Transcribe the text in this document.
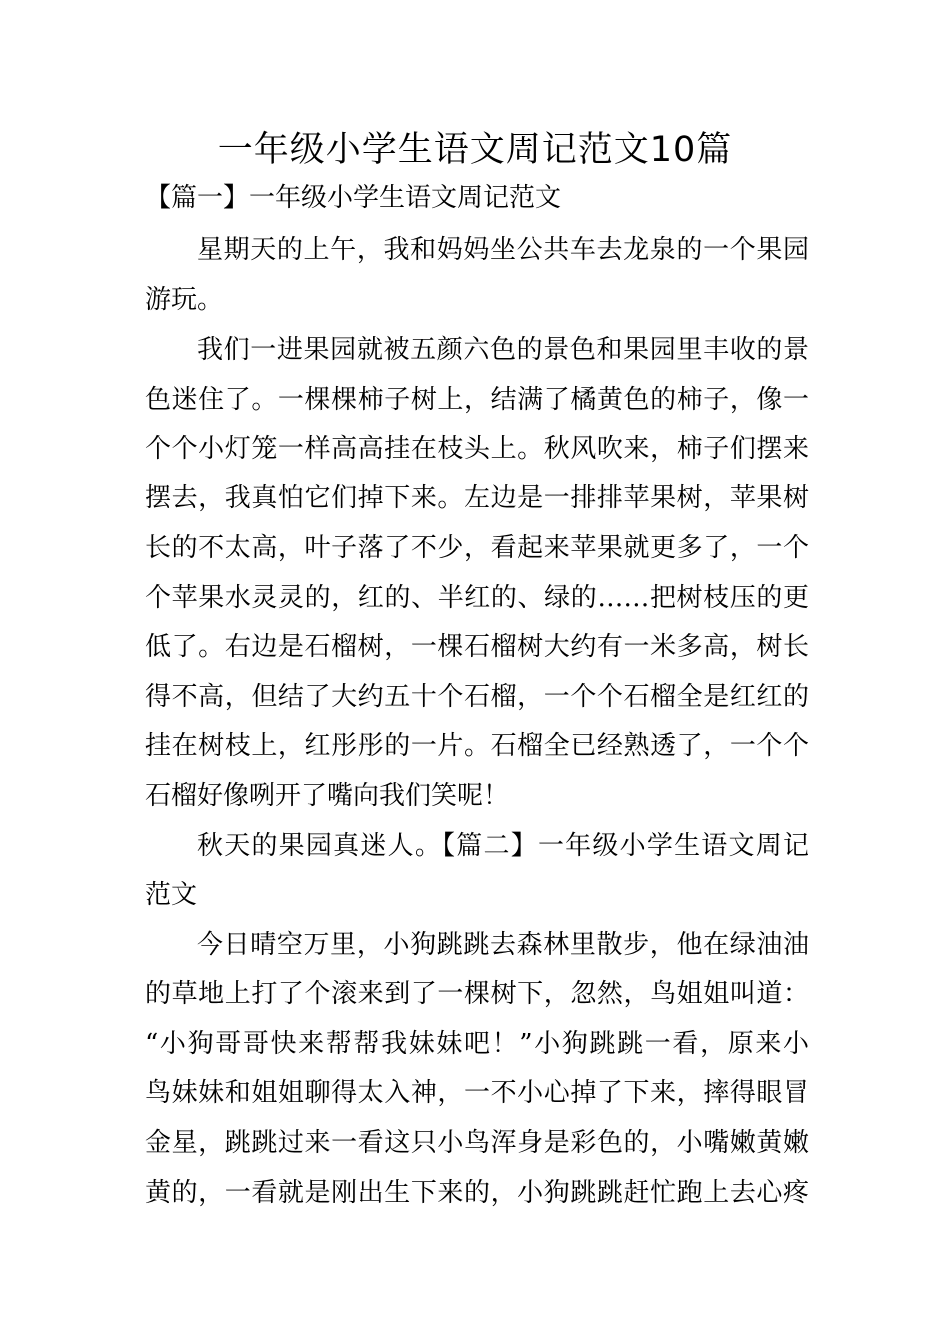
一年级小学生语文周记范文10篇
【篇一】一年级小学生语文周记范文
星期天的上午，我和妈妈坐公共车去龙泉的一个果园
游玩。
我们一进果园就被五颜六色的景色和果园里丰收的景
色迷住了。一棵棵柿子树上，结满了橘黄色的柿子，像一
个个小灯笼一样高高挂在枝头上。秋风吹来，柿子们摆来
摆去，我真怕它们掉下来。左边是一排排苹果树，苹果树
长的不太高，叶子落了不少，看起来苹果就更多了，一个
个苹果水灵灵的，红的、半红的、绿的……把树枝压的更
低了。右边是石榴树，一棵石榴树大约有一米多高，树长
得不高，但结了大约五十个石榴，一个个石榴全是红红的
挂在树枝上，红彤彤的一片。石榴全已经熟透了，一个个
石榴好像咧开了嘴向我们笑呢！
秋天的果园真迷人。【篇二】一年级小学生语文周记
范文
今日晴空万里，小狗跳跳去森林里散步，他在绿油油
的草地上打了个滚来到了一棵树下，忽然，鸟姐姐叫道：
“小狗哥哥快来帮帮我妹妹吧！”小狗跳跳一看，原来小
鸟妹妹和姐姐聊得太入神，一不小心掉了下来，摔得眼冒
金星，跳跳过来一看这只小鸟浑身是彩色的，小嘴嫩黄嫩
黄的，一看就是刚出生下来的，小狗跳跳赶忙跑上去心疼
